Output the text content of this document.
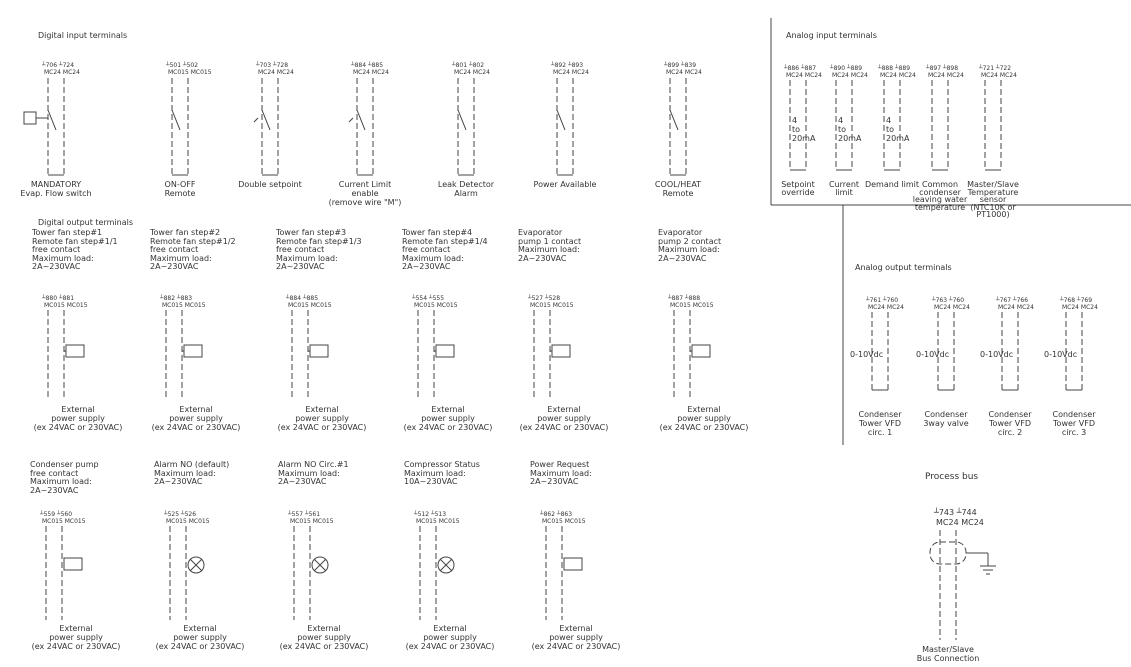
Digital input terminals
Digital output terminals
Analog input terminals
Analog output terminals
Process bus
┴706 ┴724
MC24 MC24
MANDATORY
Evap. Flow switch
┴501 ┴502
MC015 MC015
ON-OFF
Remote
┴703 ┴728
MC24 MC24
Double setpoint
┴884 ┴885
MC24 MC24
Current Limit
enable
(remove wire "M")
┴801 ┴802
MC24 MC24
Leak Detector
Alarm
┴892 ┴893
MC24 MC24
Power Available
┴899 ┴839
MC24 MC24
COOL/HEAT
Remote
Tower fan step#1
Remote fan step#1/1
free contact
Maximum load:
2A~230VAC
┴880 ┴881
MC015 MC015
External
power supply
(ex 24VAC or 230VAC)
Tower fan step#2
Remote fan step#1/2
free contact
Maximum load:
2A~230VAC
┴882 ┴883
MC015 MC015
External
power supply
(ex 24VAC or 230VAC)
Tower fan step#3
Remote fan step#1/3
free contact
Maximum load:
2A~230VAC
┴884 ┴885
MC015 MC015
External
power supply
(ex 24VAC or 230VAC)
Tower fan step#4
Remote fan step#1/4
free contact
Maximum load:
2A~230VAC
┴554 ┴555
MC015 MC015
External
power supply
(ex 24VAC or 230VAC)
Evaporator
pump 1 contact
Maximum load:
2A~230VAC
┴527 ┴528
MC015 MC015
External
power supply
(ex 24VAC or 230VAC)
Evaporator
pump 2 contact
Maximum load:
2A~230VAC
┴887 ┴888
MC015 MC015
External
power supply
(ex 24VAC or 230VAC)
Condenser pump
free contact
Maximum load:
2A~230VAC
┴559 ┴560
MC015 MC015
External
power supply
(ex 24VAC or 230VAC)
Alarm NO (default)
Maximum load:
2A~230VAC
┴525 ┴526
MC015 MC015
External
power supply
(ex 24VAC or 230VAC)
Alarm NO Circ.#1
Maximum load:
2A~230VAC
┴557 ┴561
MC015 MC015
External
power supply
(ex 24VAC or 230VAC)
Compressor Status
Maximum load:
10A~230VAC
┴512 ┴513
MC015 MC015
External
power supply
(ex 24VAC or 230VAC)
Power Request
Maximum load:
2A~230VAC
┴862 ┴863
MC015 MC015
External
power supply
(ex 24VAC or 230VAC)
┴886 ┴887
MC24 MC24
4
to
20mA
Setpoint
override
┴890 ┴889
MC24 MC24
4
to
20mA
Current
limit
┴888 ┴889
MC24 MC24
4
to
20mA
Demand limit
┴897 ┴898
MC24 MC24
Common
condenser
leaving water
temperature
┴721 ┴722
MC24 MC24
Master/Slave
Temperature
sensor
(NTC10K or
PT1000)
┴761 ┴760
MC24 MC24
0-10Vdc
Condenser
Tower VFD
circ. 1
┴763 ┴760
MC24 MC24
0-10Vdc
Condenser
3way valve
┴767 ┴766
MC24 MC24
0-10Vdc
Condenser
Tower VFD
circ. 2
┴768 ┴769
MC24 MC24
0-10Vdc
Condenser
Tower VFD
circ. 3
┴743 ┴744
MC24 MC24
Master/Slave
Bus Connection
